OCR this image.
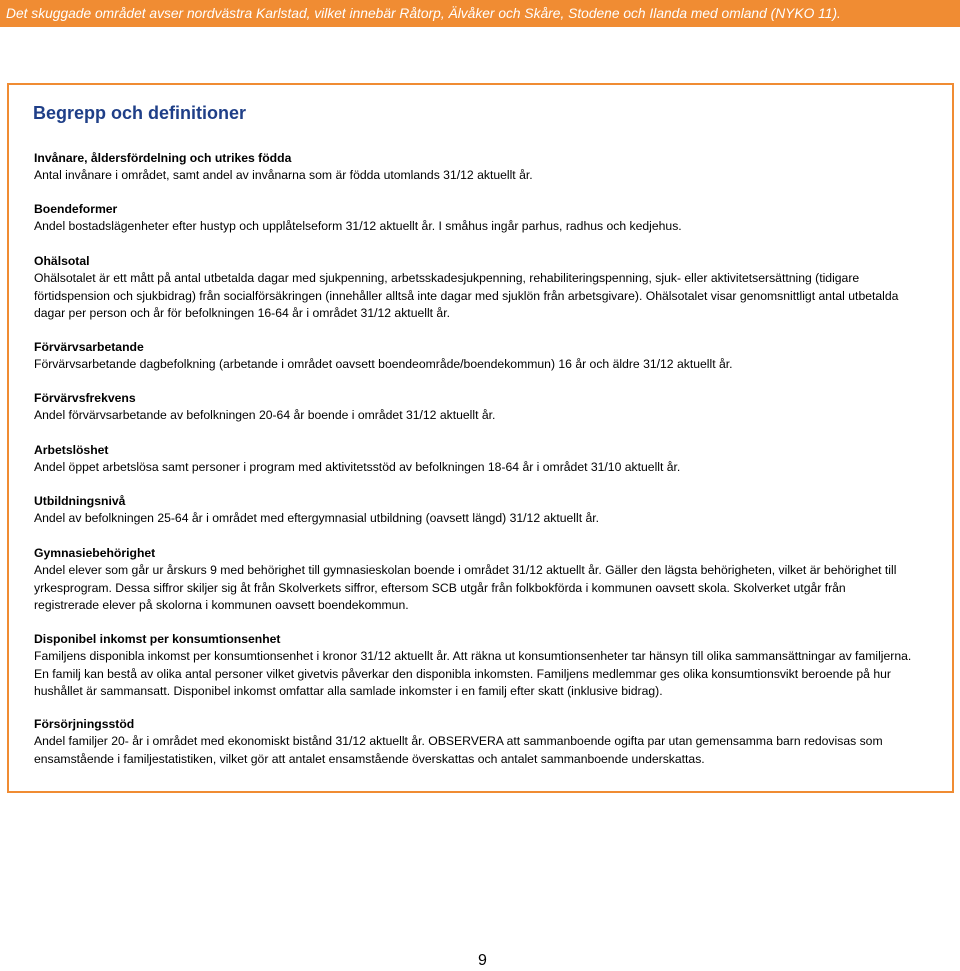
Det skuggade området avser nordvästra Karlstad, vilket innebär Råtorp, Älvåker och Skåre, Stodene och Ilanda med omland (NYKO 11).
Begrepp och definitioner

Invånare, åldersfördelning och utrikes födda

Antal invånare i området, samt andel av invånarna som är födda utomlands 31/12 aktuellt år.

Boendeformer

Andel bostadslägenheter efter hustyp och upplåtelseform 31/12 aktuellt år. I småhus ingår parhus, radhus och kedjehus.

Ohälsotal

Ohälsotalet är ett mått på antal utbetalda dagar med sjukpenning, arbetsskadesjukpenning, rehabiliteringspenning, sjuk- eller aktivitetsersättning (tidigare förtidspension och sjukbidrag) från socialförsäkringen (innehåller alltså inte dagar med sjuklön från arbetsgivare). Ohälsotalet visar genomsnittligt antal utbetalda dagar per person och år för befolkningen 16-64 år i området 31/12 aktuellt år.

Förvärvsarbetande

Förvärvsarbetande dagbefolkning (arbetande i området oavsett boendeområde/boendekommun) 16 år och äldre 31/12 aktuellt år.

Förvärvsfrekvens

Andel förvärvsarbetande av befolkningen 20-64 år boende i området 31/12 aktuellt år.

Arbetslöshet

Andel öppet arbetslösa samt personer i program med aktivitetsstöd av befolkningen 18-64 år i området 31/10 aktuellt år.

Utbildningsnivå

Andel av befolkningen 25-64 år i området med eftergymnasial utbildning (oavsett längd) 31/12 aktuellt år.

Gymnasiebehörighet

Andel elever som går ur årskurs 9 med behörighet till gymnasieskolan boende i området 31/12 aktuellt år. Gäller den lägsta behörigheten, vilket är behörighet till yrkesprogram. Dessa siffror skiljer sig åt från Skolverkets siffror, eftersom SCB utgår från folkbokförda i kommunen oavsett skola. Skolverket utgår från registrerade elever på skolorna i kommunen oavsett boendekommun.

Disponibel inkomst per konsumtionsenhet

Familjens disponibla inkomst per konsumtionsenhet i kronor 31/12 aktuellt år. Att räkna ut konsumtionsenheter tar hänsyn till olika sammansättningar av familjerna. En familj kan bestå av olika antal personer vilket givetvis påverkar den disponibla inkomsten. Familjens medlemmar ges olika konsumtionsvikt beroende på hur hushållet är sammansatt. Disponibel inkomst omfattar alla samlade inkomster i en familj efter skatt (inklusive bidrag).

Försörjningsstöd

Andel familjer 20- år i området med ekonomiskt bistånd 31/12 aktuellt år. OBSERVERA att sammanboende ogifta par utan gemensamma barn redovisas som ensamstående i familjestatistiken, vilket gör att antalet ensamstående överskattas och antalet sammanboende underskattas.

9
